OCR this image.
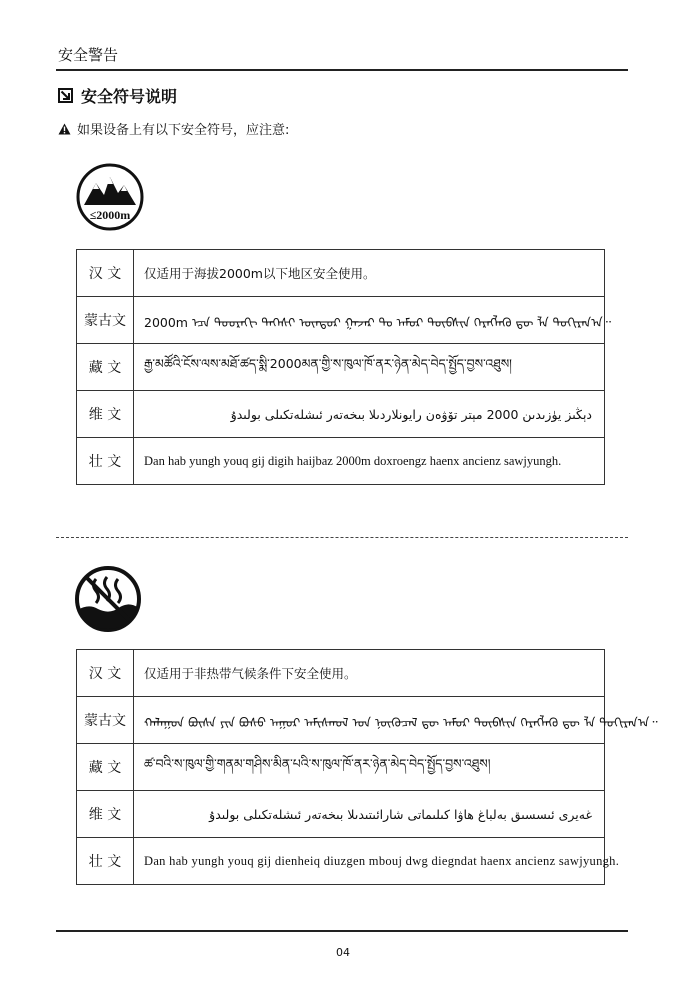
安全警告
安全符号说明
如果设备上有以下安全符号，应注意:
≤2000m
汉 文	仅适用于海拔2000m以下地区安全使用。
蒙古文	2000m ᠡᠴᠡ ᠳᠣᠣᠷᠠᠬᠢ ᠲᠡᠭᠡᠰᠢ ᠥᠨᠳᠥᠷ ᠭᠠᠵᠠᠷ ᠲᠤ ᠠᠮᠤᠷ ᠲᠦᠪᠰᠢᠨ ᠬᠡᠷᠡᠭᠯᠡᠬᠦ ᠳᠦ ᠯᠡ ᠲᠣᠬᠢᠷᠠᠨ᠎ᠠ᠃
藏 文	རྒྱ་མཚོའི་ངོས་ལས་མཐོ་ཚད་སྨི་2000མན་གྱི་ས་ཁུལ་ཁོ་ནར་ཉེན་མེད་བེད་སྤྱོད་བྱས་འཐུས།
维 文	دېڭىز يۈزىدىن 2000 مېتر تۆۋەن رايونلاردىلا بىخەتەر ئىشلەتكىلى بولىدۇ
壮 文	Dan hab yungh youq gij digih haijbaz 2000m doxroengz haenx ancienz sawjyungh.
汉 文	仅适用于非热带气候条件下安全使用。
蒙古文	ᠬᠠᠯᠠᠭᠤᠨ ᠪᠦᠰᠡ ᠶᠢᠨ ᠪᠤᠰᠤ ᠠᠭᠤᠷ ᠠᠮᠢᠰᠬᠤᠯ ᠤᠨ ᠨᠥᠬᠦᠴᠡᠯ ᠳᠦ ᠠᠮᠤᠷ ᠲᠦᠪᠰᠢᠨ ᠬᠡᠷᠡᠭᠯᠡᠬᠦ ᠳᠦ ᠯᠡ ᠲᠣᠬᠢᠷᠠᠨ᠎ᠠ᠃
藏 文	ཚ་བའི་ས་ཁུལ་གྱི་གནམ་གཤིས་མིན་པའི་ས་ཁུལ་ཁོ་ནར་ཉེན་མེད་བེད་སྤྱོད་བྱས་འཐུས།
维 文	غەيرى ئىسسىق بەلباغ ھاۋا كىلىماتى شارائىتىدىلا بىخەتەر ئىشلەتكىلى بولىدۇ
壮 文	Dan hab yungh youq gij dienheiq diuzgen mbouj dwg diegndat haenx ancienz sawjyungh.
04
